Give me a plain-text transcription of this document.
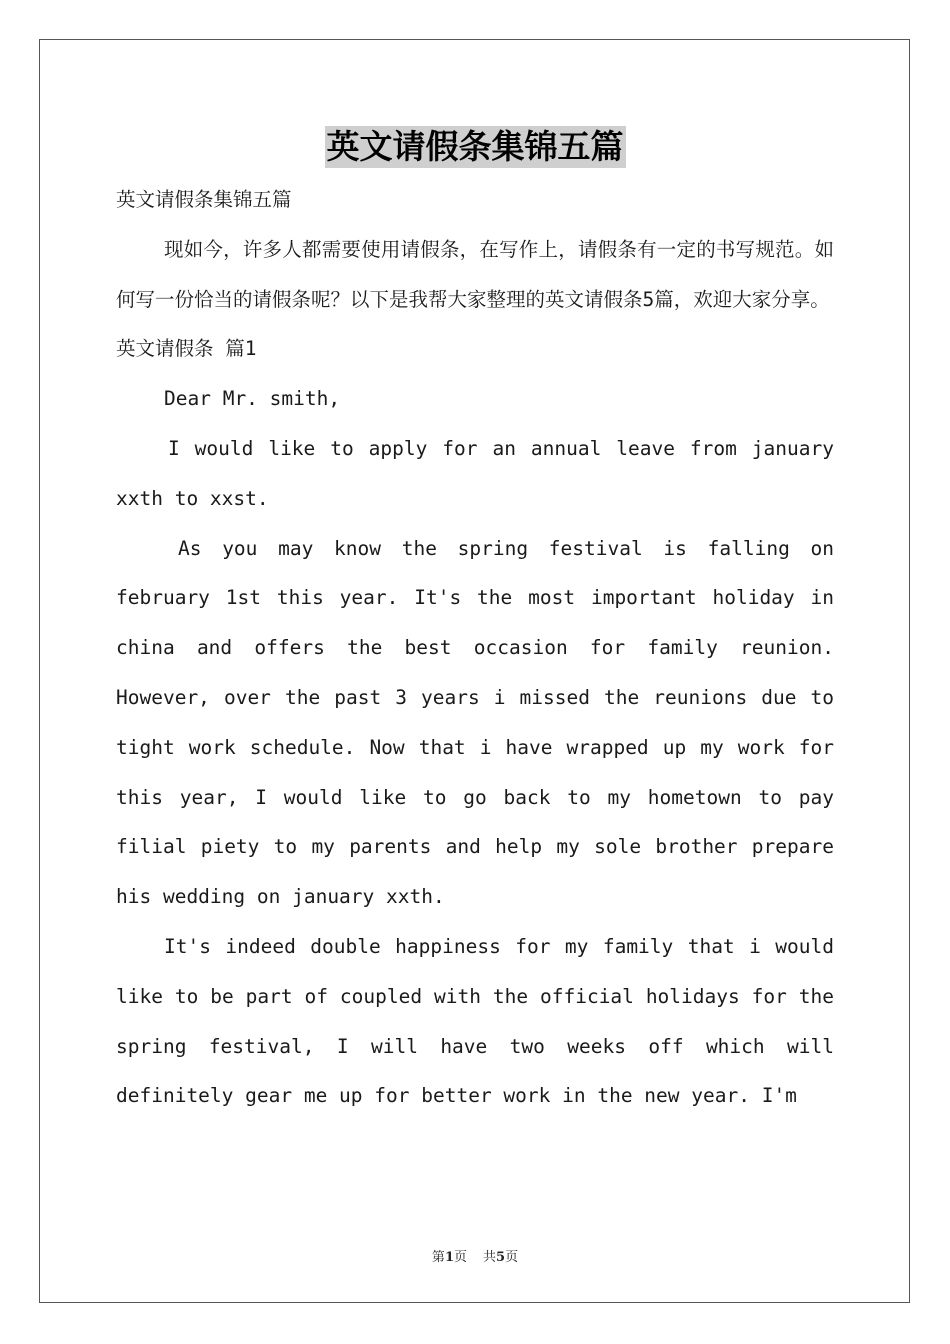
英文请假条集锦五篇

英文请假条集锦五篇

现如今，许多人都需要使用请假条，在写作上，请假条有一定的书写规范。如何写一份恰当的请假条呢？以下是我帮大家整理的英文请假条5篇，欢迎大家分享。

英文请假条 篇1

Dear Mr. smith,

I would like to apply for an annual leave from january xxth to xxst.

As you may know the spring festival is falling on february 1st this year. It's the most important holiday in china and offers the best occasion for family reunion. However, over the past 3 years i missed the reunions due to tight work schedule. Now that i have wrapped up my work for this year, I would like to go back to my hometown to pay filial piety to my parents and help my sole brother prepare his wedding on january xxth.

It's indeed double happiness for my family that i would like to be part of coupled with the official holidays for the spring festival, I will have two weeks off which will definitely gear me up for better work in the new year. I'm

第1页 共5页
